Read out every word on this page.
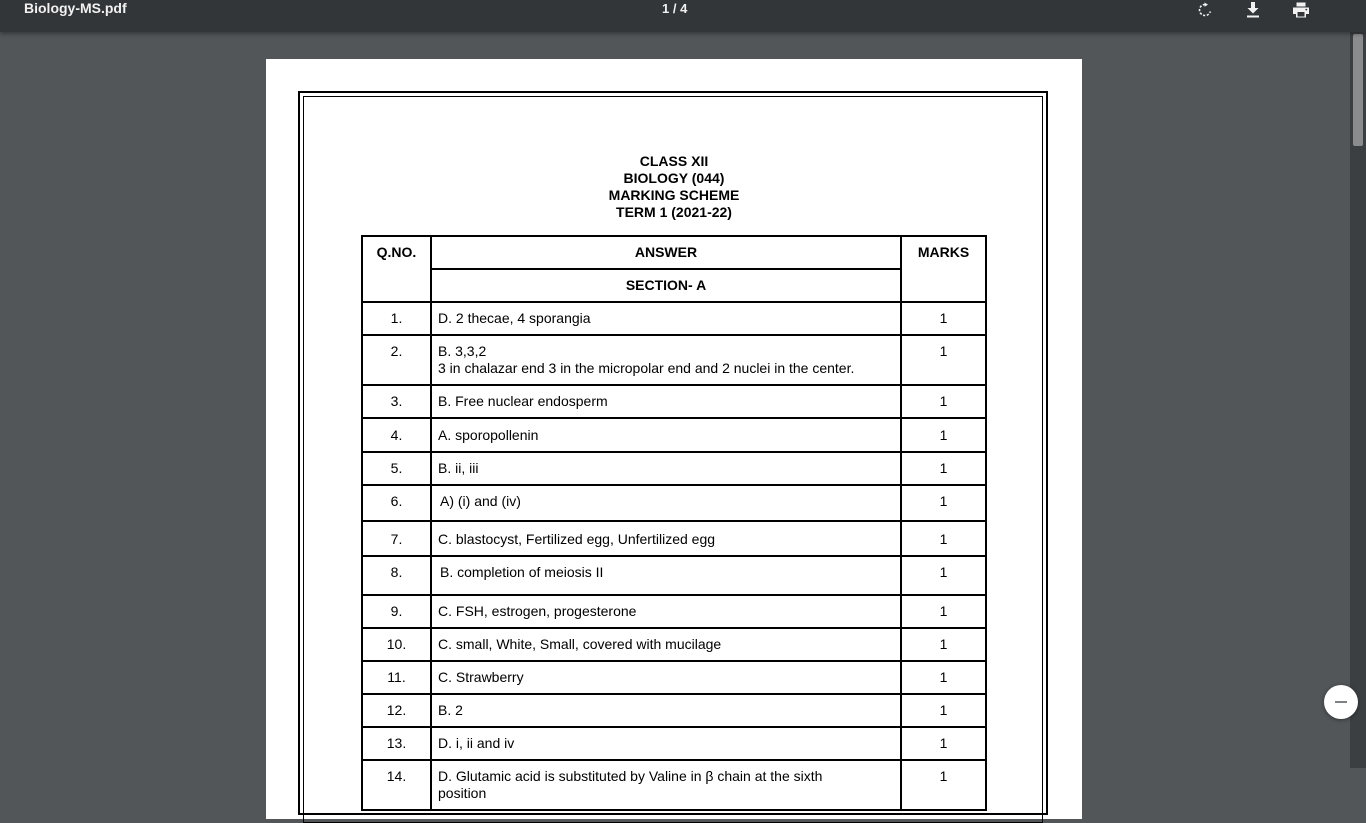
Biology-MS.pdf	1 / 4
CLASS XII
BIOLOGY (044)
MARKING SCHEME
TERM 1 (2021-22)
Q.NO.	ANSWER	MARKS
	SECTION- A	
1.	D. 2 thecae, 4 sporangia	1
2.	B. 3,3,2
3 in chalazar end 3 in the micropolar end and 2 nuclei in the center.	1
3.	B. Free nuclear endosperm	1
4.	A. sporopollenin	1
5.	B. ii, iii	1
6.	A) (i) and (iv)	1
7.	C. blastocyst, Fertilized egg, Unfertilized egg	1
8.	B. completion of meiosis II	1
9.	C. FSH, estrogen, progesterone	1
10.	C. small, White, Small, covered with mucilage	1
11.	C. Strawberry	1
12.	B. 2	1
13.	D. i, ii and iv	1
14.	D. Glutamic acid is substituted by Valine in β chain at the sixth
position	1
